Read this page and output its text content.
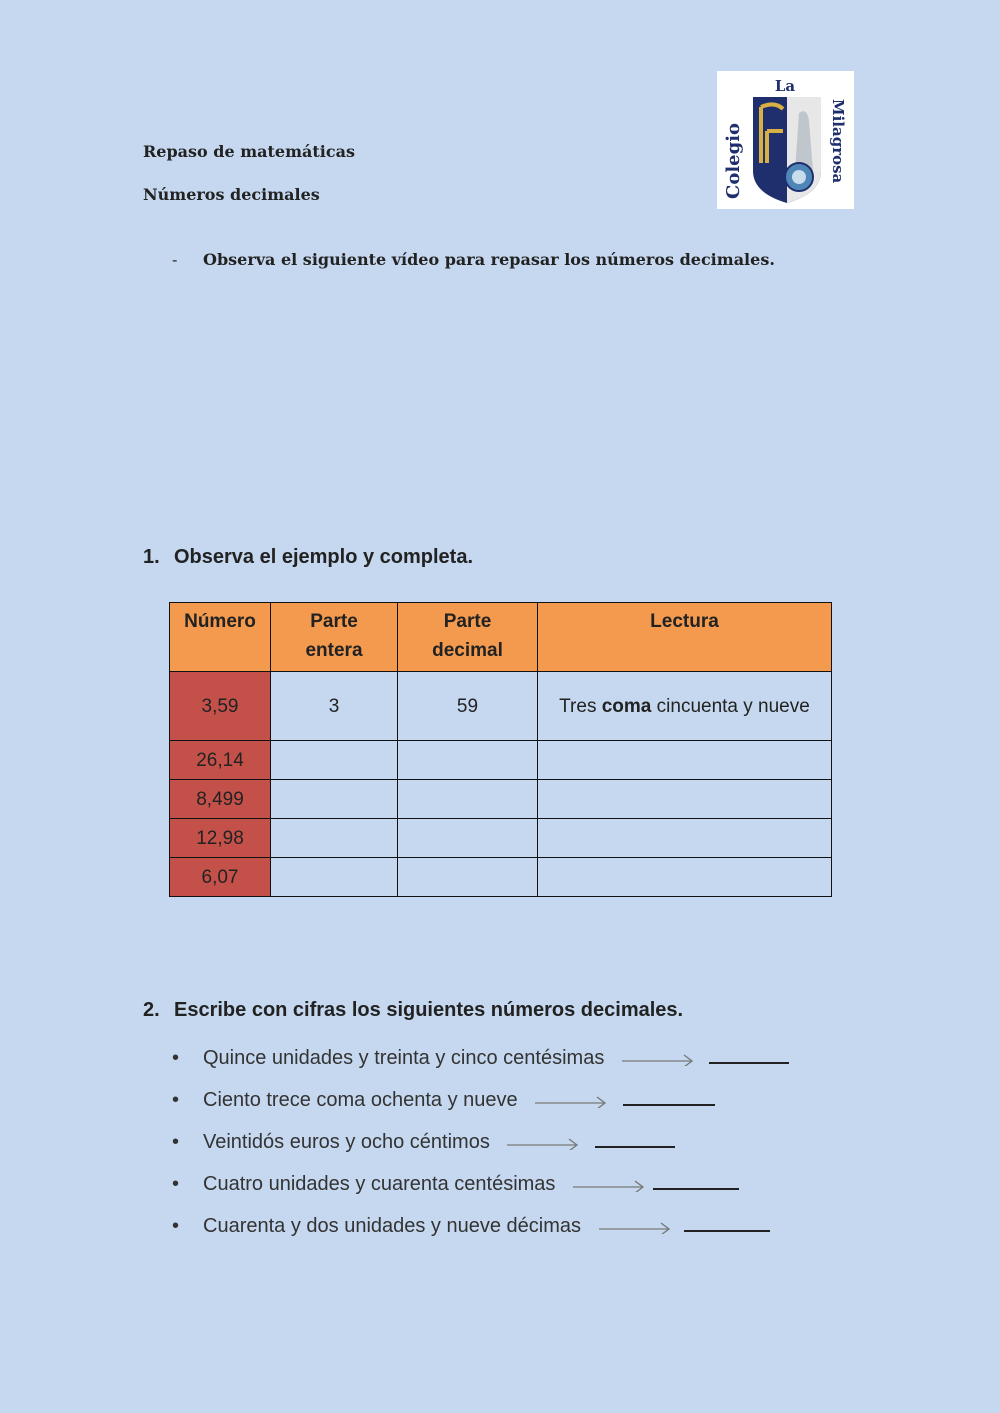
Repaso de matemáticas
Números decimales
La
Colegio	Milagrosa
- Observa el siguiente vídeo para repasar los números decimales.
1. Observa el ejemplo y completa.
Número	Parte entera	Parte decimal	Lectura
3,59	3	59	Tres coma cincuenta y nueve
26,14			
8,499			
12,98			
6,07			
2. Escribe con cifras los siguientes números decimales.
• Quince unidades y treinta y cinco centésimas
• Ciento trece coma ochenta y nueve
• Veintidós euros y ocho céntimos
• Cuatro unidades y cuarenta centésimas
• Cuarenta y dos unidades y nueve décimas
